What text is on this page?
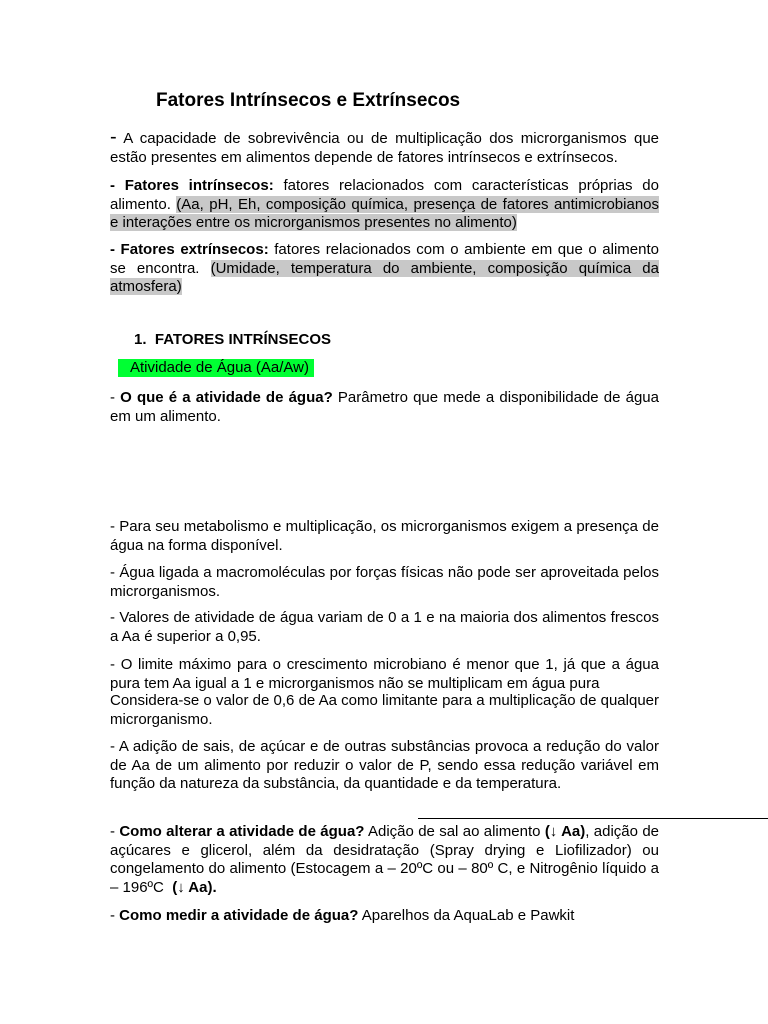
Fatores Intrínsecos e Extrínsecos

- A capacidade de sobrevivência ou de multiplicação dos microrganismos que estão presentes em alimentos depende de fatores intrínsecos e extrínsecos.

- Fatores intrínsecos: fatores relacionados com características próprias do alimento. (Aa, pH, Eh, composição química, presença de fatores antimicrobianos e interações entre os microrganismos presentes no alimento)

- Fatores extrínsecos: fatores relacionados com o ambiente em que o alimento se encontra. (Umidade, temperatura do ambiente, composição química da atmosfera)

1. FATORES INTRÍNSECOS
Atividade de Água (Aa/Aw)

- O que é a atividade de água? Parâmetro que mede a disponibilidade de água em um alimento.

- Para seu metabolismo e multiplicação, os microrganismos exigem a presença de água na forma disponível.

- Água ligada a macromoléculas por forças físicas não pode ser aproveitada pelos microrganismos.

- Valores de atividade de água variam de 0 a 1 e na maioria dos alimentos frescos a Aa é superior a 0,95.

- O limite máximo para o crescimento microbiano é menor que 1, já que a água pura tem Aa igual a 1 e microrganismos não se multiplicam em água pura

Considera-se o valor de 0,6 de Aa como limitante para a multiplicação de qualquer microrganismo.

- A adição de sais, de açúcar e de outras substâncias provoca a redução do valor de Aa de um alimento por reduzir o valor de P, sendo essa redução variável em função da natureza da substância, da quantidade e da temperatura.

- Como alterar a atividade de água? Adição de sal ao alimento (↓ Aa), adição de açúcares e glicerol, além da desidratação (Spray drying e Liofilizador) ou congelamento do alimento (Estocagem a – 20ºC ou – 80º C, e Nitrogênio líquido a – 196ºC (↓ Aa).

- Como medir a atividade de água? Aparelhos da AquaLab e Pawkit
